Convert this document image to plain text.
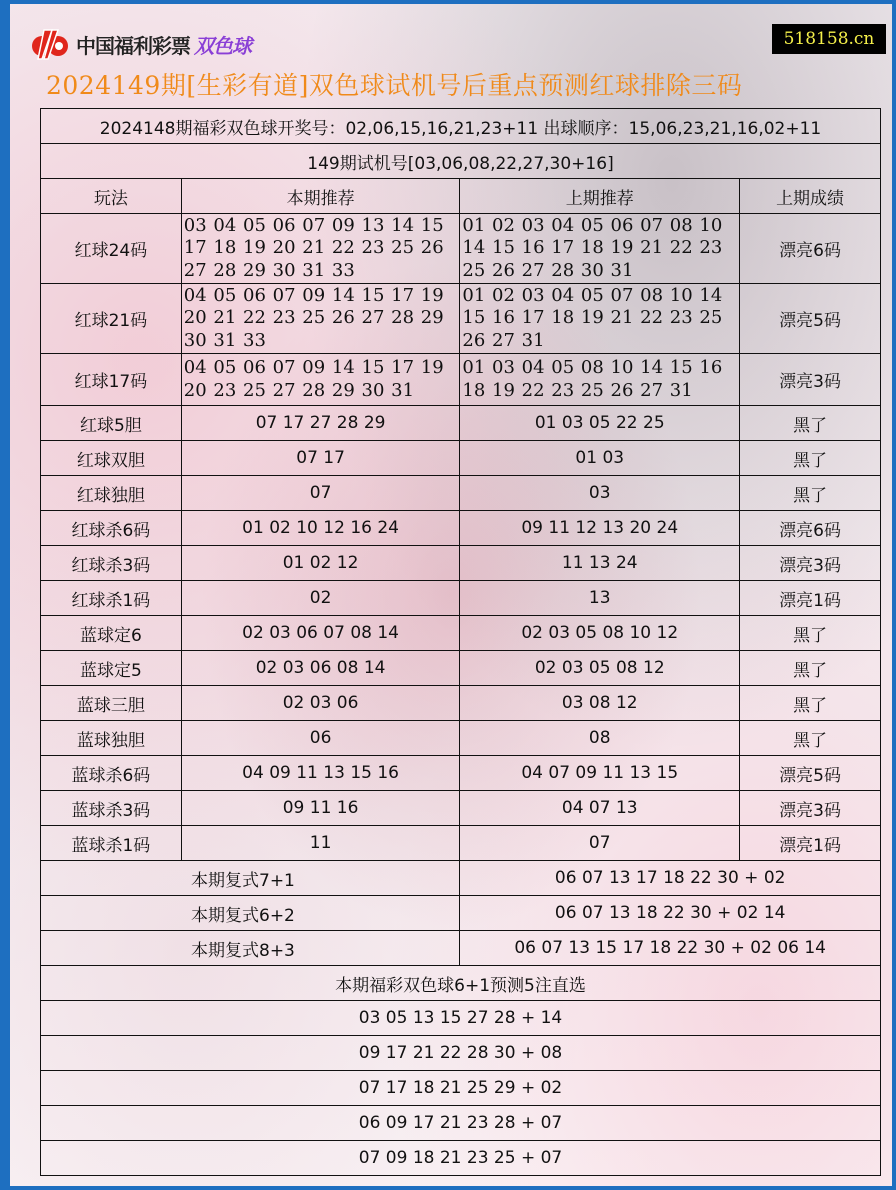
中国福利彩票 双色球	518158.cn
2024149期[生彩有道]双色球试机号后重点预测红球排除三码
2024148期福彩双色球开奖号：02,06,15,16,21,23+11 出球顺序：15,06,23,21,16,02+11			
149期试机号[03,06,08,22,27,30+16]			
玩法	本期推荐	上期推荐	上期成绩
红球24码	03 04 05 06 07 09 13 14 15 17 18 19 20 21 22 23 25 26 27 28 29 30 31 33	01 02 03 04 05 06 07 08 10 14 15 16 17 18 19 21 22 23 25 26 27 28 30 31	漂亮6码
红球21码	04 05 06 07 09 14 15 17 19 20 21 22 23 25 26 27 28 29 30 31 33	01 02 03 04 05 07 08 10 14 15 16 17 18 19 21 22 23 25 26 27 31	漂亮5码
红球17码	04 05 06 07 09 14 15 17 19 20 23 25 27 28 29 30 31	01 03 04 05 08 10 14 15 16 18 19 22 23 25 26 27 31	漂亮3码
红球5胆	07 17 27 28 29	01 03 05 22 25	黑了
红球双胆	07 17	01 03	黑了
红球独胆	07	03	黑了
红球杀6码	01 02 10 12 16 24	09 11 12 13 20 24	漂亮6码
红球杀3码	01 02 12	11 13 24	漂亮3码
红球杀1码	02	13	漂亮1码
蓝球定6	02 03 06 07 08 14	02 03 05 08 10 12	黑了
蓝球定5	02 03 06 08 14	02 03 05 08 12	黑了
蓝球三胆	02 03 06	03 08 12	黑了
蓝球独胆	06	08	黑了
蓝球杀6码	04 09 11 13 15 16	04 07 09 11 13 15	漂亮5码
蓝球杀3码	09 11 16	04 07 13	漂亮3码
蓝球杀1码	11	07	漂亮1码
本期复式7+1		06 07 13 17 18 22 30 + 02	
本期复式6+2		06 07 13 18 22 30 + 02 14	
本期复式8+3		06 07 13 15 17 18 22 30 + 02 06 14	
本期福彩双色球6+1预测5注直选			
03 05 13 15 27 28 + 14			
09 17 21 22 28 30 + 08			
07 17 18 21 25 29 + 02			
06 09 17 21 23 28 + 07			
07 09 18 21 23 25 + 07			
